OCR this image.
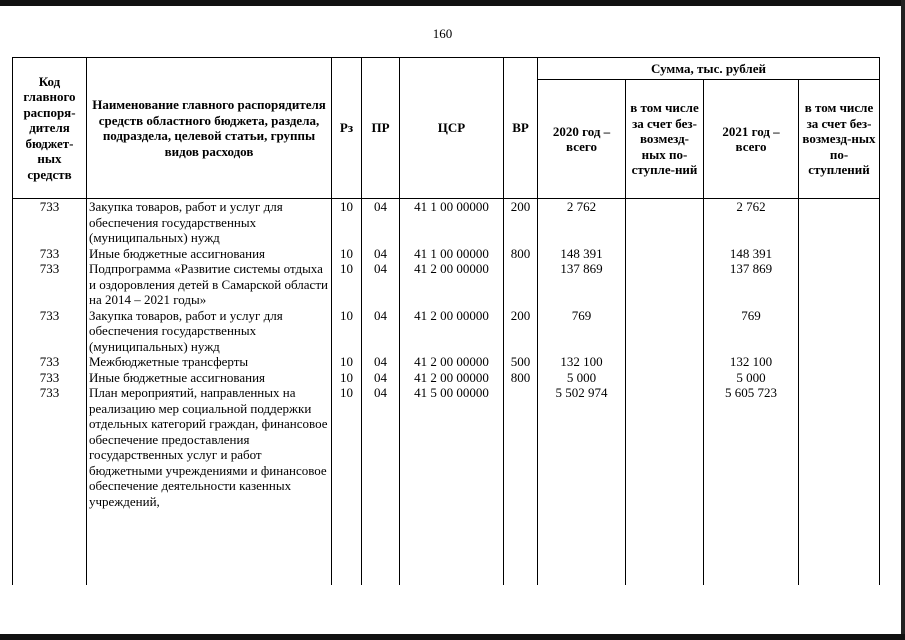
160
Код главного распоря-дителя бюджет-ных средств	Наименование главного распорядителя средств областного бюджета, раздела, подраздела, целевой статьи, группы видов расходов	Рз	ПР	ЦСР	ВР	Сумма, тыс. рублей			
						2020 год – всего	в том числе за счет без-возмезд-ных по-ступле-ний	2021 год – всего	в том числе за счет без-возмезд-ных по-ступлений
733	Закупка товаров, работ и услуг для обеспечения государственных (муниципальных) нужд	10	04	41 1 00 00000	200	2 762		2 762	
733	Иные бюджетные ассигнования	10	04	41 1 00 00000	800	148 391		148 391	
733	Подпрограмма «Развитие системы отдыха и оздоровления детей в Самарской области на 2014 – 2021 годы»	10	04	41 2 00 00000		137 869		137 869	
733	Закупка товаров, работ и услуг для обеспечения государственных (муниципальных) нужд	10	04	41 2 00 00000	200	769		769	
733	Межбюджетные трансферты	10	04	41 2 00 00000	500	132 100		132 100	
733	Иные бюджетные ассигнования	10	04	41 2 00 00000	800	5 000		5 000	
733	План мероприятий, направленных на реализацию мер социальной поддержки отдельных категорий граждан, финансовое обеспечение предоставления государственных услуг и работ бюджетными учреждениями и финансовое обеспечение деятельности казенных учреждений,	10	04	41 5 00 00000		5 502 974		5 605 723	
